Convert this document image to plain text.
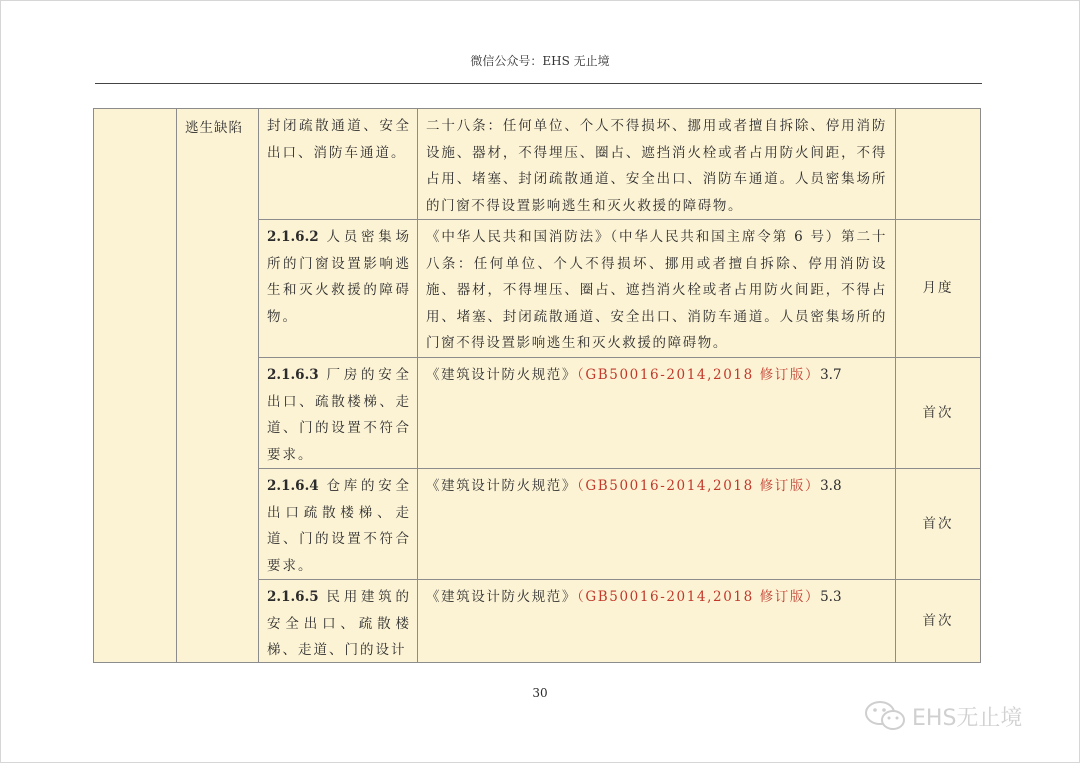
微信公众号：EHS 无止境
	逃生缺陷	封闭疏散通道、安全出口、消防车通道。	二十八条：任何单位、个人不得损坏、挪用或者擅自拆除、停用消防设施、器材，不得埋压、圈占、遮挡消火栓或者占用防火间距，不得占用、堵塞、封闭疏散通道、安全出口、消防车通道。人员密集场所的门窗不得设置影响逃生和灭火救援的障碍物。	
		2.1.6.2 人员密集场所的门窗设置影响逃生和灭火救援的障碍物。	《中华人民共和国消防法》（中华人民共和国主席令第 6 号）第二十八条：任何单位、个人不得损坏、挪用或者擅自拆除、停用消防设施、器材，不得埋压、圈占、遮挡消火栓或者占用防火间距，不得占用、堵塞、封闭疏散通道、安全出口、消防车通道。人员密集场所的门窗不得设置影响逃生和灭火救援的障碍物。	月度
		2.1.6.3 厂房的安全出口、疏散楼梯、走道、门的设置不符合要求。	《建筑设计防火规范》（GB50016-2014,2018 修订版）3.7	首次
		2.1.6.4 仓库的安全出口疏散楼梯、走道、门的设置不符合要求。	《建筑设计防火规范》（GB50016-2014,2018 修订版）3.8	首次

		2.1.6.5 民用建筑的安全出口、疏散楼梯、走道、门的设计	《建筑设计防火规范》（GB50016-2014,2018 修订版）5.3	首次
30
EHS无止境
